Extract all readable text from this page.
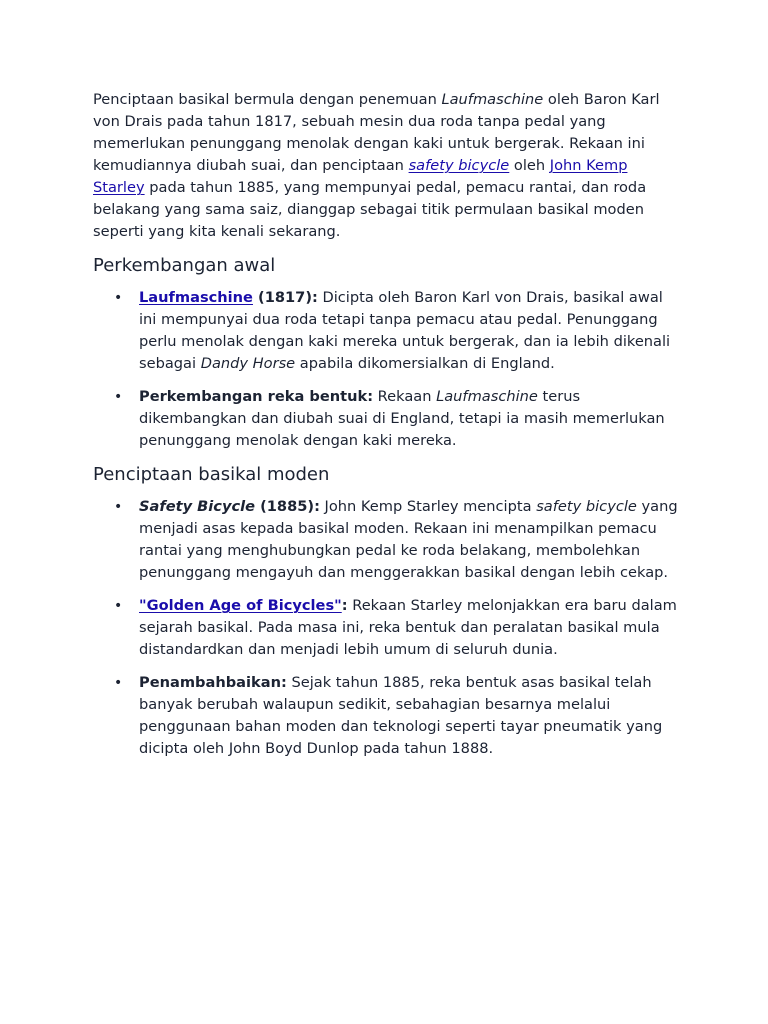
Penciptaan basikal bermula dengan penemuan Laufmaschine oleh Baron Karl von Drais pada tahun 1817, sebuah mesin dua roda tanpa pedal yang memerlukan penunggang menolak dengan kaki untuk bergerak. Rekaan ini kemudiannya diubah suai, dan penciptaan safety bicycle oleh John Kemp Starley pada tahun 1885, yang mempunyai pedal, pemacu rantai, dan roda belakang yang sama saiz, dianggap sebagai titik permulaan basikal moden seperti yang kita kenali sekarang.

Perkembangan awal
• Laufmaschine (1817): Dicipta oleh Baron Karl von Drais, basikal awal ini mempunyai dua roda tetapi tanpa pemacu atau pedal. Penunggang perlu menolak dengan kaki mereka untuk bergerak, dan ia lebih dikenali sebagai Dandy Horse apabila dikomersialkan di England.
• Perkembangan reka bentuk: Rekaan Laufmaschine terus dikembangkan dan diubah suai di England, tetapi ia masih memerlukan penunggang menolak dengan kaki mereka.
Penciptaan basikal moden
• Safety Bicycle (1885): John Kemp Starley mencipta safety bicycle yang menjadi asas kepada basikal moden. Rekaan ini menampilkan pemacu rantai yang menghubungkan pedal ke roda belakang, membolehkan penunggang mengayuh dan menggerakkan basikal dengan lebih cekap.
• "Golden Age of Bicycles": Rekaan Starley melonjakkan era baru dalam sejarah basikal. Pada masa ini, reka bentuk dan peralatan basikal mula distandardkan dan menjadi lebih umum di seluruh dunia.
• Penambahbaikan: Sejak tahun 1885, reka bentuk asas basikal telah banyak berubah walaupun sedikit, sebahagian besarnya melalui penggunaan bahan moden dan teknologi seperti tayar pneumatik yang dicipta oleh John Boyd Dunlop pada tahun 1888.
